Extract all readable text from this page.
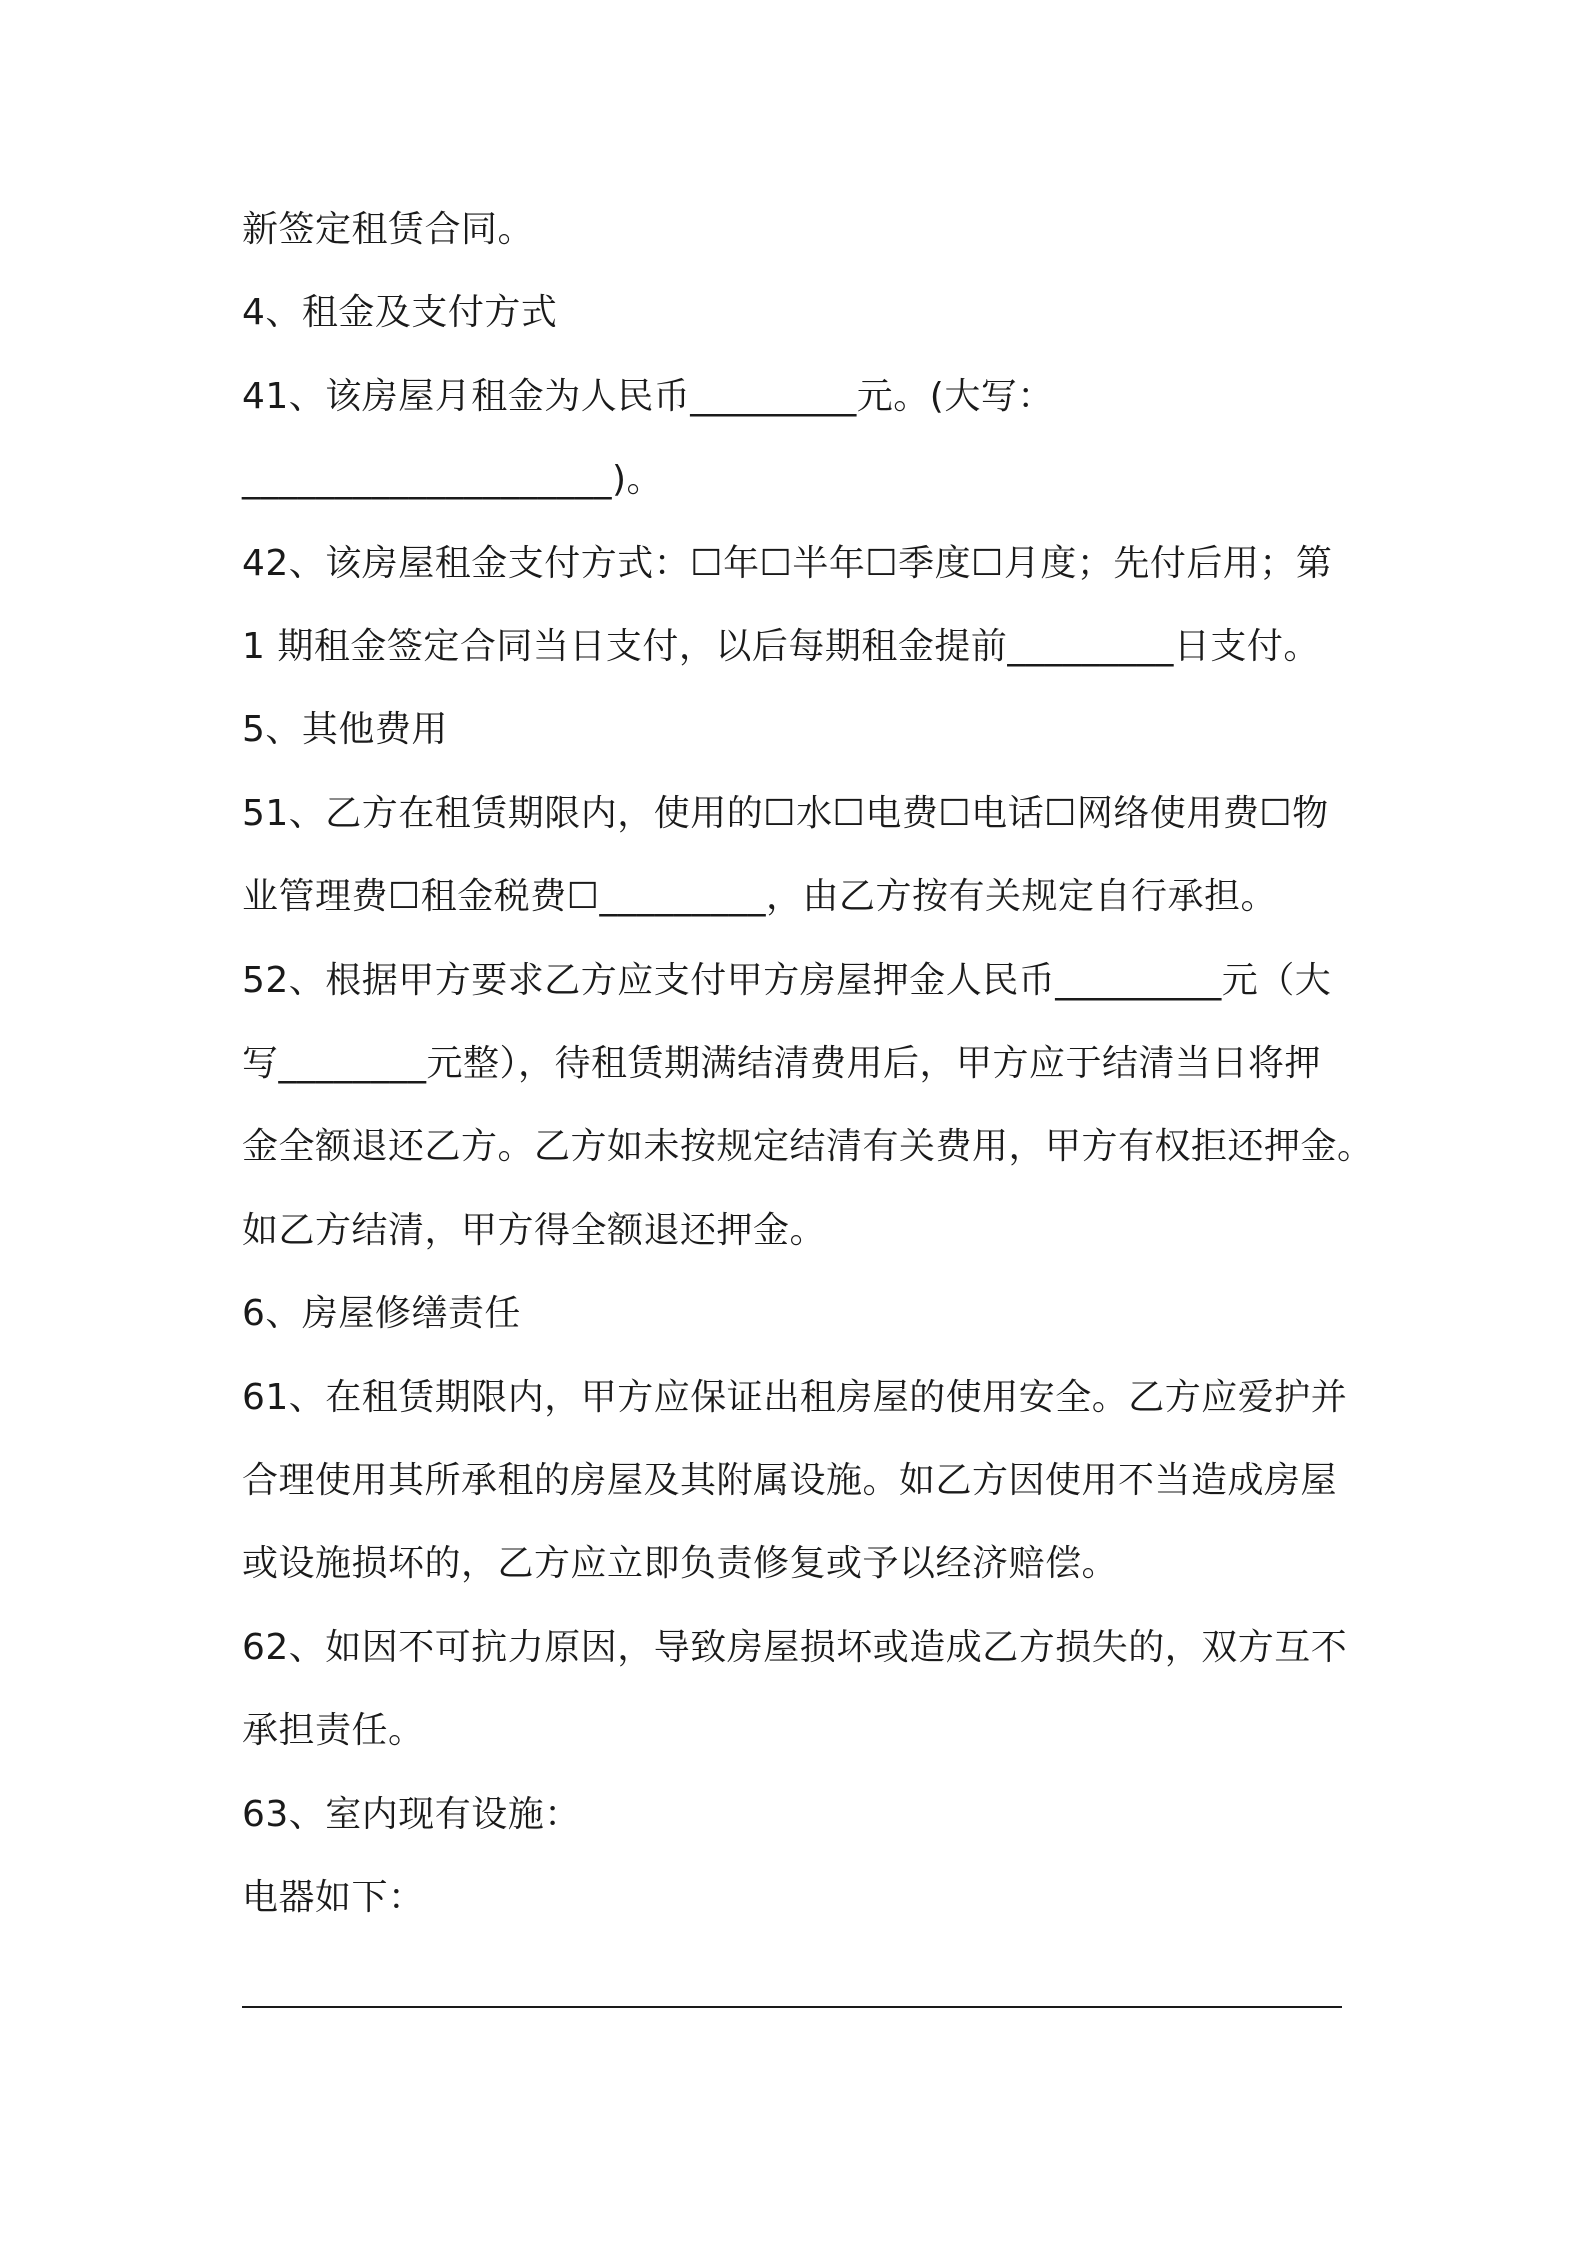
新签定租赁合同。
4、租金及支付方式
41、该房屋月租金为人民币_________元。(大写：
____________________)。
42、该房屋租金支付方式：☐年☐半年☐季度☐月度；先付后用；第
1 期租金签定合同当日支付，以后每期租金提前_________日支付。
5、其他费用
51、乙方在租赁期限内，使用的☐水☐电费☐电话☐网络使用费☐物
业管理费☐租金税费☐_________，由乙方按有关规定自行承担。
52、根据甲方要求乙方应支付甲方房屋押金人民币_________元（大
写________元整），待租赁期满结清费用后，甲方应于结清当日将押
金全额退还乙方。乙方如未按规定结清有关费用，甲方有权拒还押金。
如乙方结清，甲方得全额退还押金。
6、房屋修缮责任
61、在租赁期限内，甲方应保证出租房屋的使用安全。乙方应爱护并
合理使用其所承租的房屋及其附属设施。如乙方因使用不当造成房屋
或设施损坏的，乙方应立即负责修复或予以经济赔偿。
62、如因不可抗力原因，导致房屋损坏或造成乙方损失的，双方互不
承担责任。
63、室内现有设施：
电器如下：
